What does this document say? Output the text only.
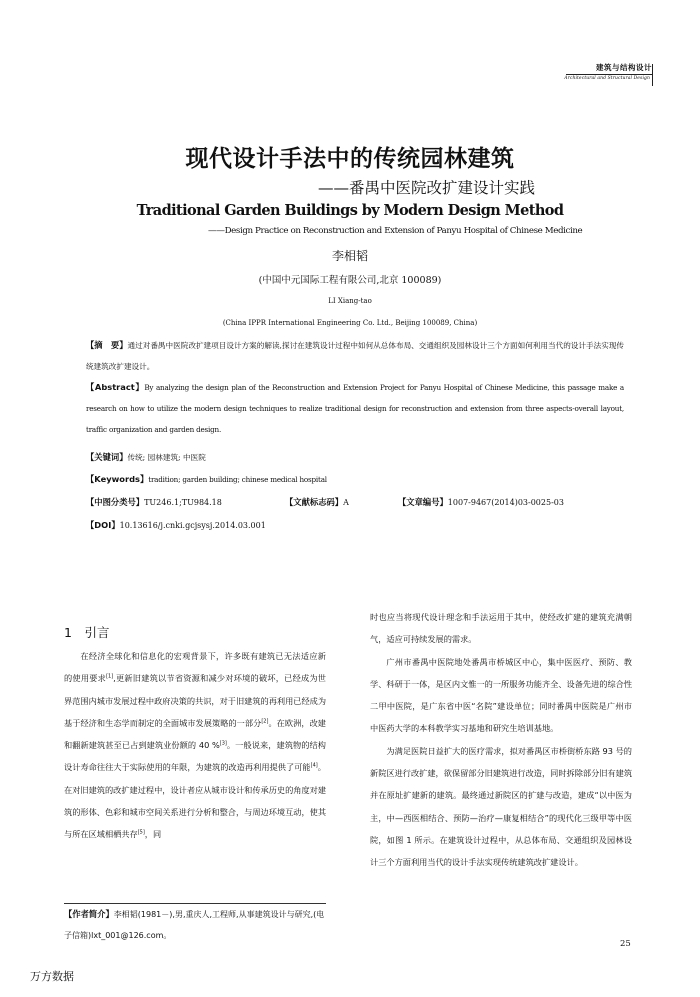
建筑与结构设计
Architectural and Structural Design
现代设计手法中的传统园林建筑
——番禺中医院改扩建设计实践
Traditional Garden Buildings by Modern Design Method
——Design Practice on Reconstruction and Extension of Panyu Hospital of Chinese Medicine
李相韬
(中国中元国际工程有限公司,北京 100089)
LI Xiang-tao
(China IPPR International Engineering Co. Ltd., Beijing 100089, China)
【摘　要】通过对番禺中医院改扩建项目设计方案的解读,探讨在建筑设计过程中如何从总体布局、交通组织及园林设计三个方面如何利用当代的设计手法实现传统建筑改扩建设计。
【Abstract】By analyzing the design plan of the Reconstruction and Extension Project for Panyu Hospital of Chinese Medicine, this passage make a research on how to utilize the modern design techniques to realize traditional design for reconstruction and extension from three aspects-overall layout, traffic organization and garden design.
【关键词】传统; 园林建筑; 中医院
【Keywords】tradition; garden building; chinese medical hospital
【中图分类号】TU246.1;TU984.18	【文献标志码】A	【文章编号】1007-9467(2014)03-0025-03
【DOI】10.13616/j.cnki.gcjsysj.2014.03.001
1　引言

在经济全球化和信息化的宏观背景下，许多既有建筑已无法适应新的使用要求[1],更新旧建筑以节省资源和减少对环境的破坏，已经成为世界范围内城市发展过程中政府决策的共识，对于旧建筑的再利用已经成为基于经济和生态学而制定的全面城市发展策略的一部分[2]。在欧洲，改建和翻新建筑甚至已占到建筑业份额的 40 %[3]。一般说来，建筑物的结构设计寿命往往大于实际使用的年限，为建筑的改造再利用提供了可能[4]。在对旧建筑的改扩建过程中，设计者应从城市设计和传承历史的角度对建筑的形体、色彩和城市空间关系进行分析和整合，与周边环境互动，使其与所在区域相栖共存[5]，同

【作者简介】李相韬(1981－),男,重庆人,工程师,从事建筑设计与研究,(电子信箱)lxt_001@126.com。

时也应当将现代设计理念和手法运用于其中，使经改扩建的建筑充满朝气，适应可持续发展的需求。

广州市番禺中医院地处番禺市桥城区中心，集中医医疗、预防、教学、科研于一体，是区内文惟一的一所服务功能齐全、设备先进的综合性二甲中医院，是广东省中医“名院”建设单位；同时番禺中医院是广州市中医药大学的本科教学实习基地和研究生培训基地。

为满足医院日益扩大的医疗需求，拟对番禺区市桥街桥东路 93 号的新院区进行改扩建，欲保留部分旧建筑进行改造，同时拆除部分旧有建筑并在原址扩建新的建筑。最终通过新院区的扩建与改造，建成“以中医为主，中—西医相结合、预防—治疗—康复相结合”的现代化三级甲等中医院，如图 1 所示。在建筑设计过程中，从总体布局、交通组织及园林设计三个方面利用当代的设计手法实现传统建筑改扩建设计。

25
万方数据
